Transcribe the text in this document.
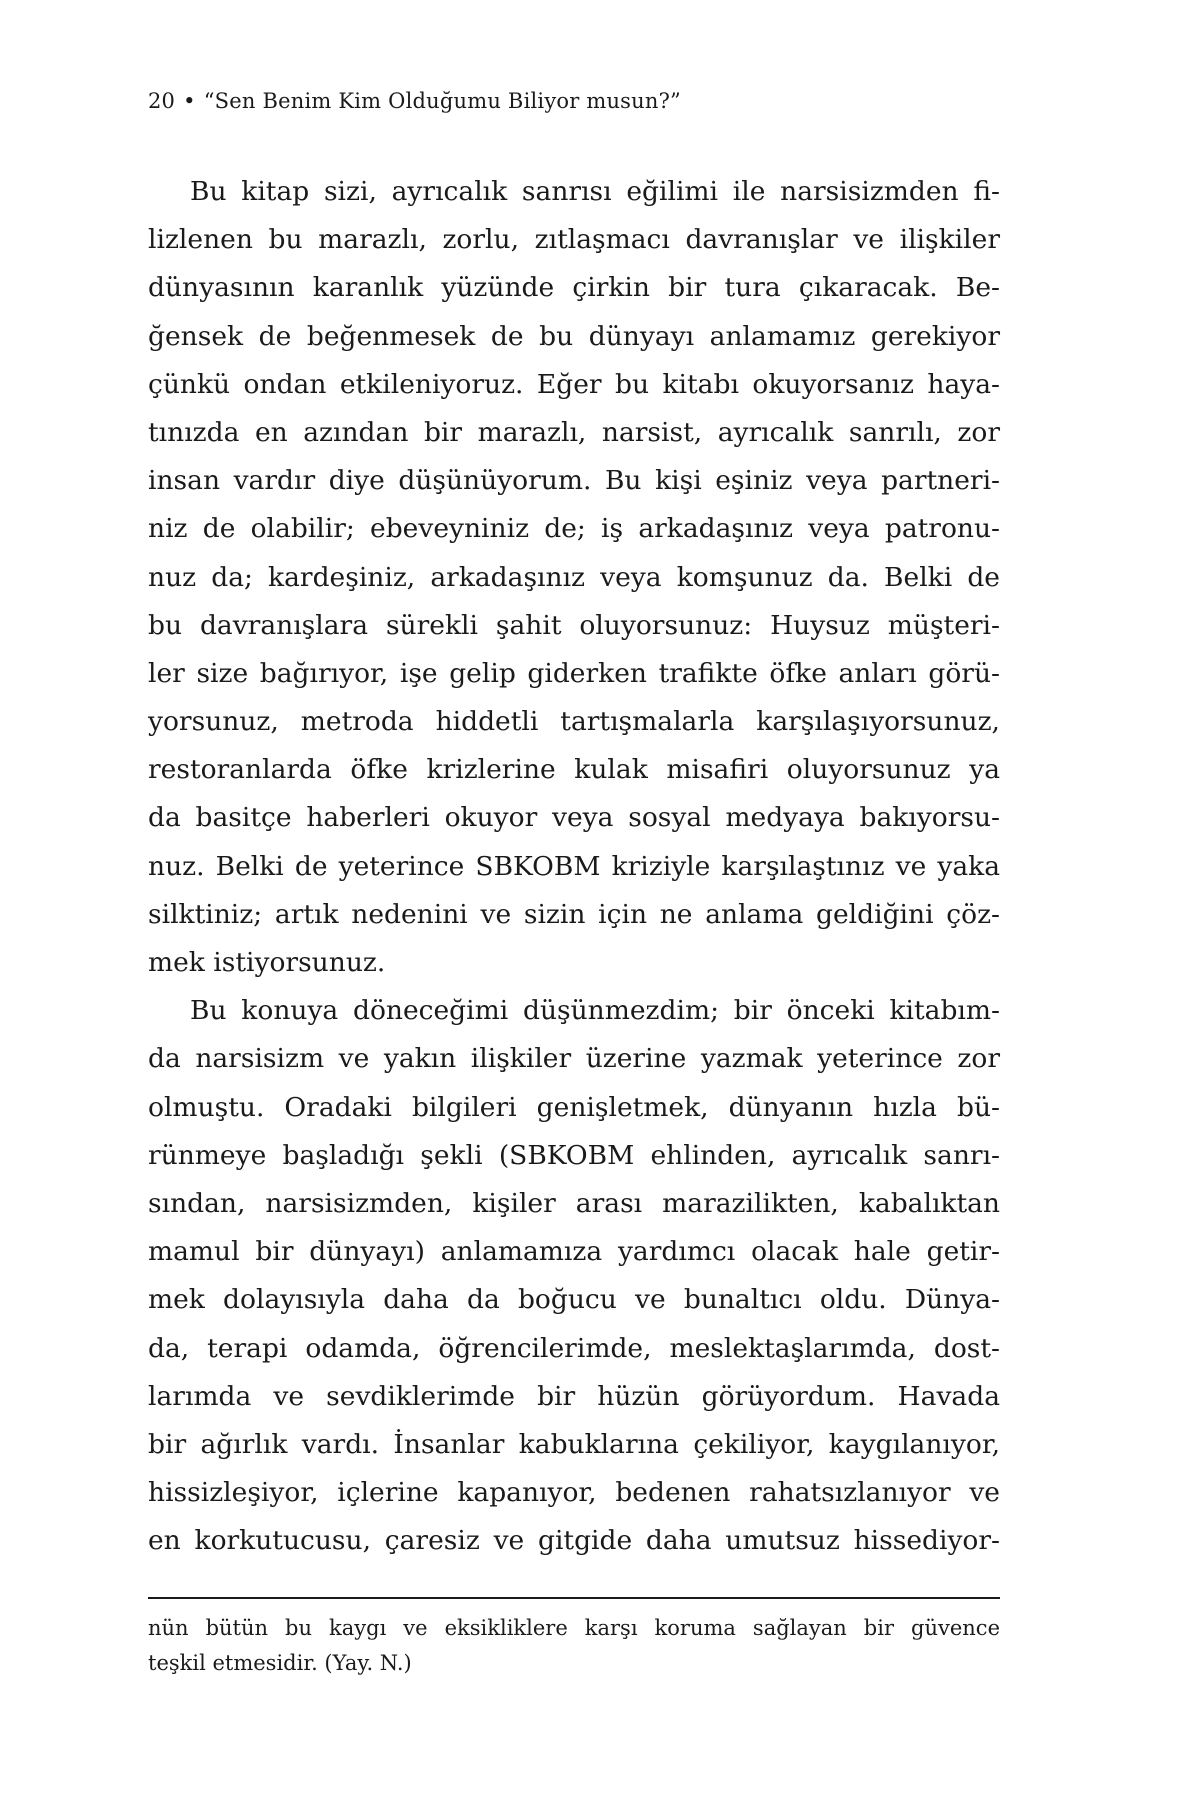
20 • “Sen Benim Kim Olduğumu Biliyor musun?”
Bu kitap sizi, ayrıcalık sanrısı eğilimi ile narsisizmden fi-
lizlenen bu marazlı, zorlu, zıtlaşmacı davranışlar ve ilişkiler
dünyasının karanlık yüzünde çirkin bir tura çıkaracak. Be-
ğensek de beğenmesek de bu dünyayı anlamamız gerekiyor
çünkü ondan etkileniyoruz. Eğer bu kitabı okuyorsanız haya-
tınızda en azından bir marazlı, narsist, ayrıcalık sanrılı, zor
insan vardır diye düşünüyorum. Bu kişi eşiniz veya partneri-
niz de olabilir; ebeveyniniz de; iş arkadaşınız veya patronu-
nuz da; kardeşiniz, arkadaşınız veya komşunuz da. Belki de
bu davranışlara sürekli şahit oluyorsunuz: Huysuz müşteri-
ler size bağırıyor, işe gelip giderken trafikte öfke anları görü-
yorsunuz, metroda hiddetli tartışmalarla karşılaşıyorsunuz,
restoranlarda öfke krizlerine kulak misafiri oluyorsunuz ya
da basitçe haberleri okuyor veya sosyal medyaya bakıyorsu-
nuz. Belki de yeterince SBKOBM kriziyle karşılaştınız ve yaka
silktiniz; artık nedenini ve sizin için ne anlama geldiğini çöz-
mek istiyorsunuz.
Bu konuya döneceğimi düşünmezdim; bir önceki kitabım-
da narsisizm ve yakın ilişkiler üzerine yazmak yeterince zor
olmuştu. Oradaki bilgileri genişletmek, dünyanın hızla bü-
rünmeye başladığı şekli (SBKOBM ehlinden, ayrıcalık sanrı-
sından, narsisizmden, kişiler arası marazilikten, kabalıktan
mamul bir dünyayı) anlamamıza yardımcı olacak hale getir-
mek dolayısıyla daha da boğucu ve bunaltıcı oldu. Dünya-
da, terapi odamda, öğrencilerimde, meslektaşlarımda, dost-
larımda ve sevdiklerimde bir hüzün görüyordum. Havada
bir ağırlık vardı. İnsanlar kabuklarına çekiliyor, kaygılanıyor,
hissizleşiyor, içlerine kapanıyor, bedenen rahatsızlanıyor ve
en korkutucusu, çaresiz ve gitgide daha umutsuz hissediyor-
nün bütün bu kaygı ve eksikliklere karşı koruma sağlayan bir güvence
teşkil etmesidir. (Yay. N.)
